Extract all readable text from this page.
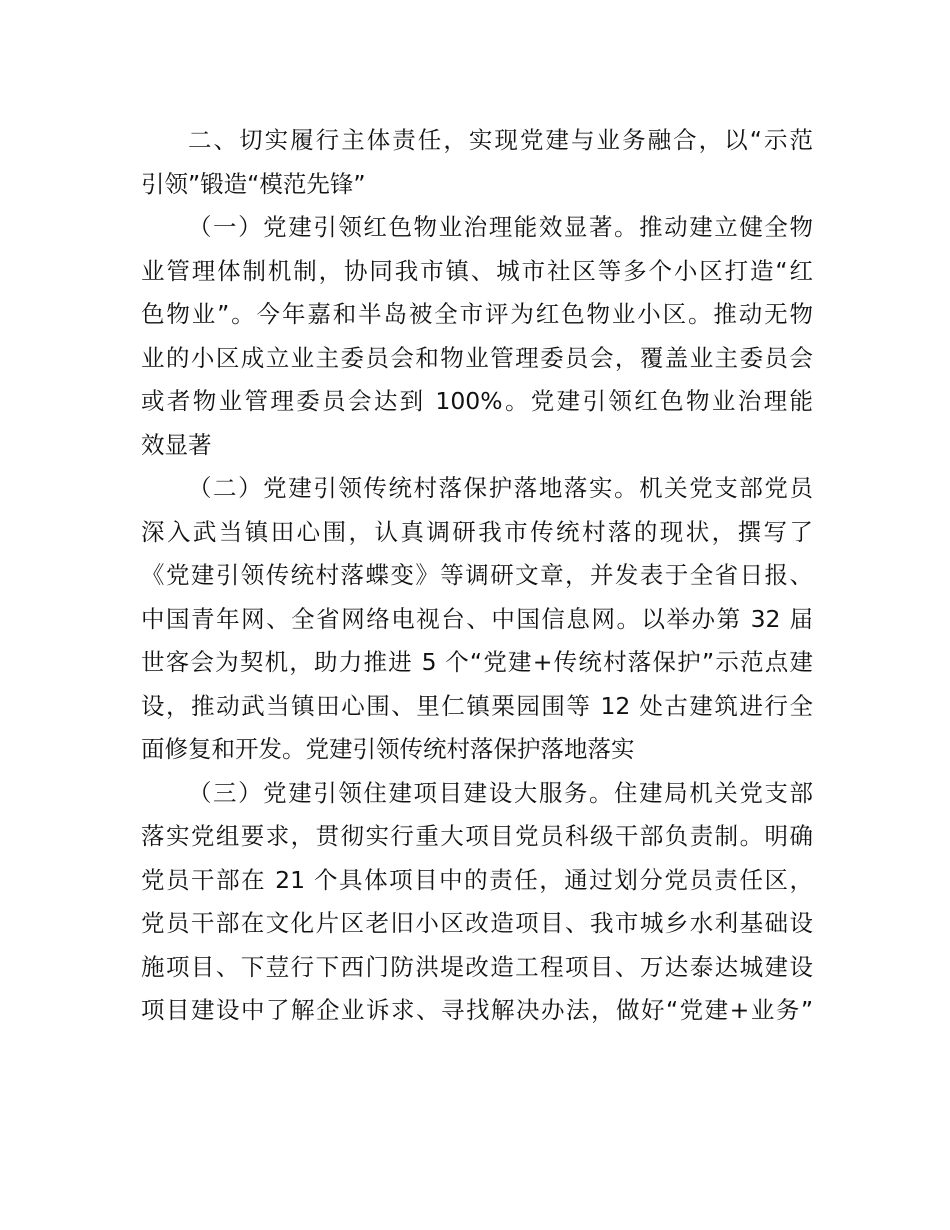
二、切实履行主体责任，实现党建与业务融合，以“示范
引领”锻造“模范先锋”
（一）党建引领红色物业治理能效显著。推动建立健全物
业管理体制机制，协同我市镇、城市社区等多个小区打造“红
色物业”。今年嘉和半岛被全市评为红色物业小区。推动无物
业的小区成立业主委员会和物业管理委员会，覆盖业主委员会
或者物业管理委员会达到 100%。党建引领红色物业治理能
效显著
（二）党建引领传统村落保护落地落实。机关党支部党员
深入武当镇田心围，认真调研我市传统村落的现状，撰写了
《党建引领传统村落蝶变》等调研文章，并发表于全省日报、
中国青年网、全省网络电视台、中国信息网。以举办第 32 届
世客会为契机，助力推进 5 个“党建+传统村落保护”示范点建
设，推动武当镇田心围、里仁镇栗园围等 12 处古建筑进行全
面修复和开发。党建引领传统村落保护落地落实
（三）党建引领住建项目建设大服务。住建局机关党支部
落实党组要求，贯彻实行重大项目党员科级干部负责制。明确
党员干部在 21 个具体项目中的责任，通过划分党员责任区，
党员干部在文化片区老旧小区改造项目、我市城乡水利基础设
施项目、下荳行下西门防洪堤改造工程项目、万达泰达城建设
项目建设中了解企业诉求、寻找解决办法，做好“党建+业务”
